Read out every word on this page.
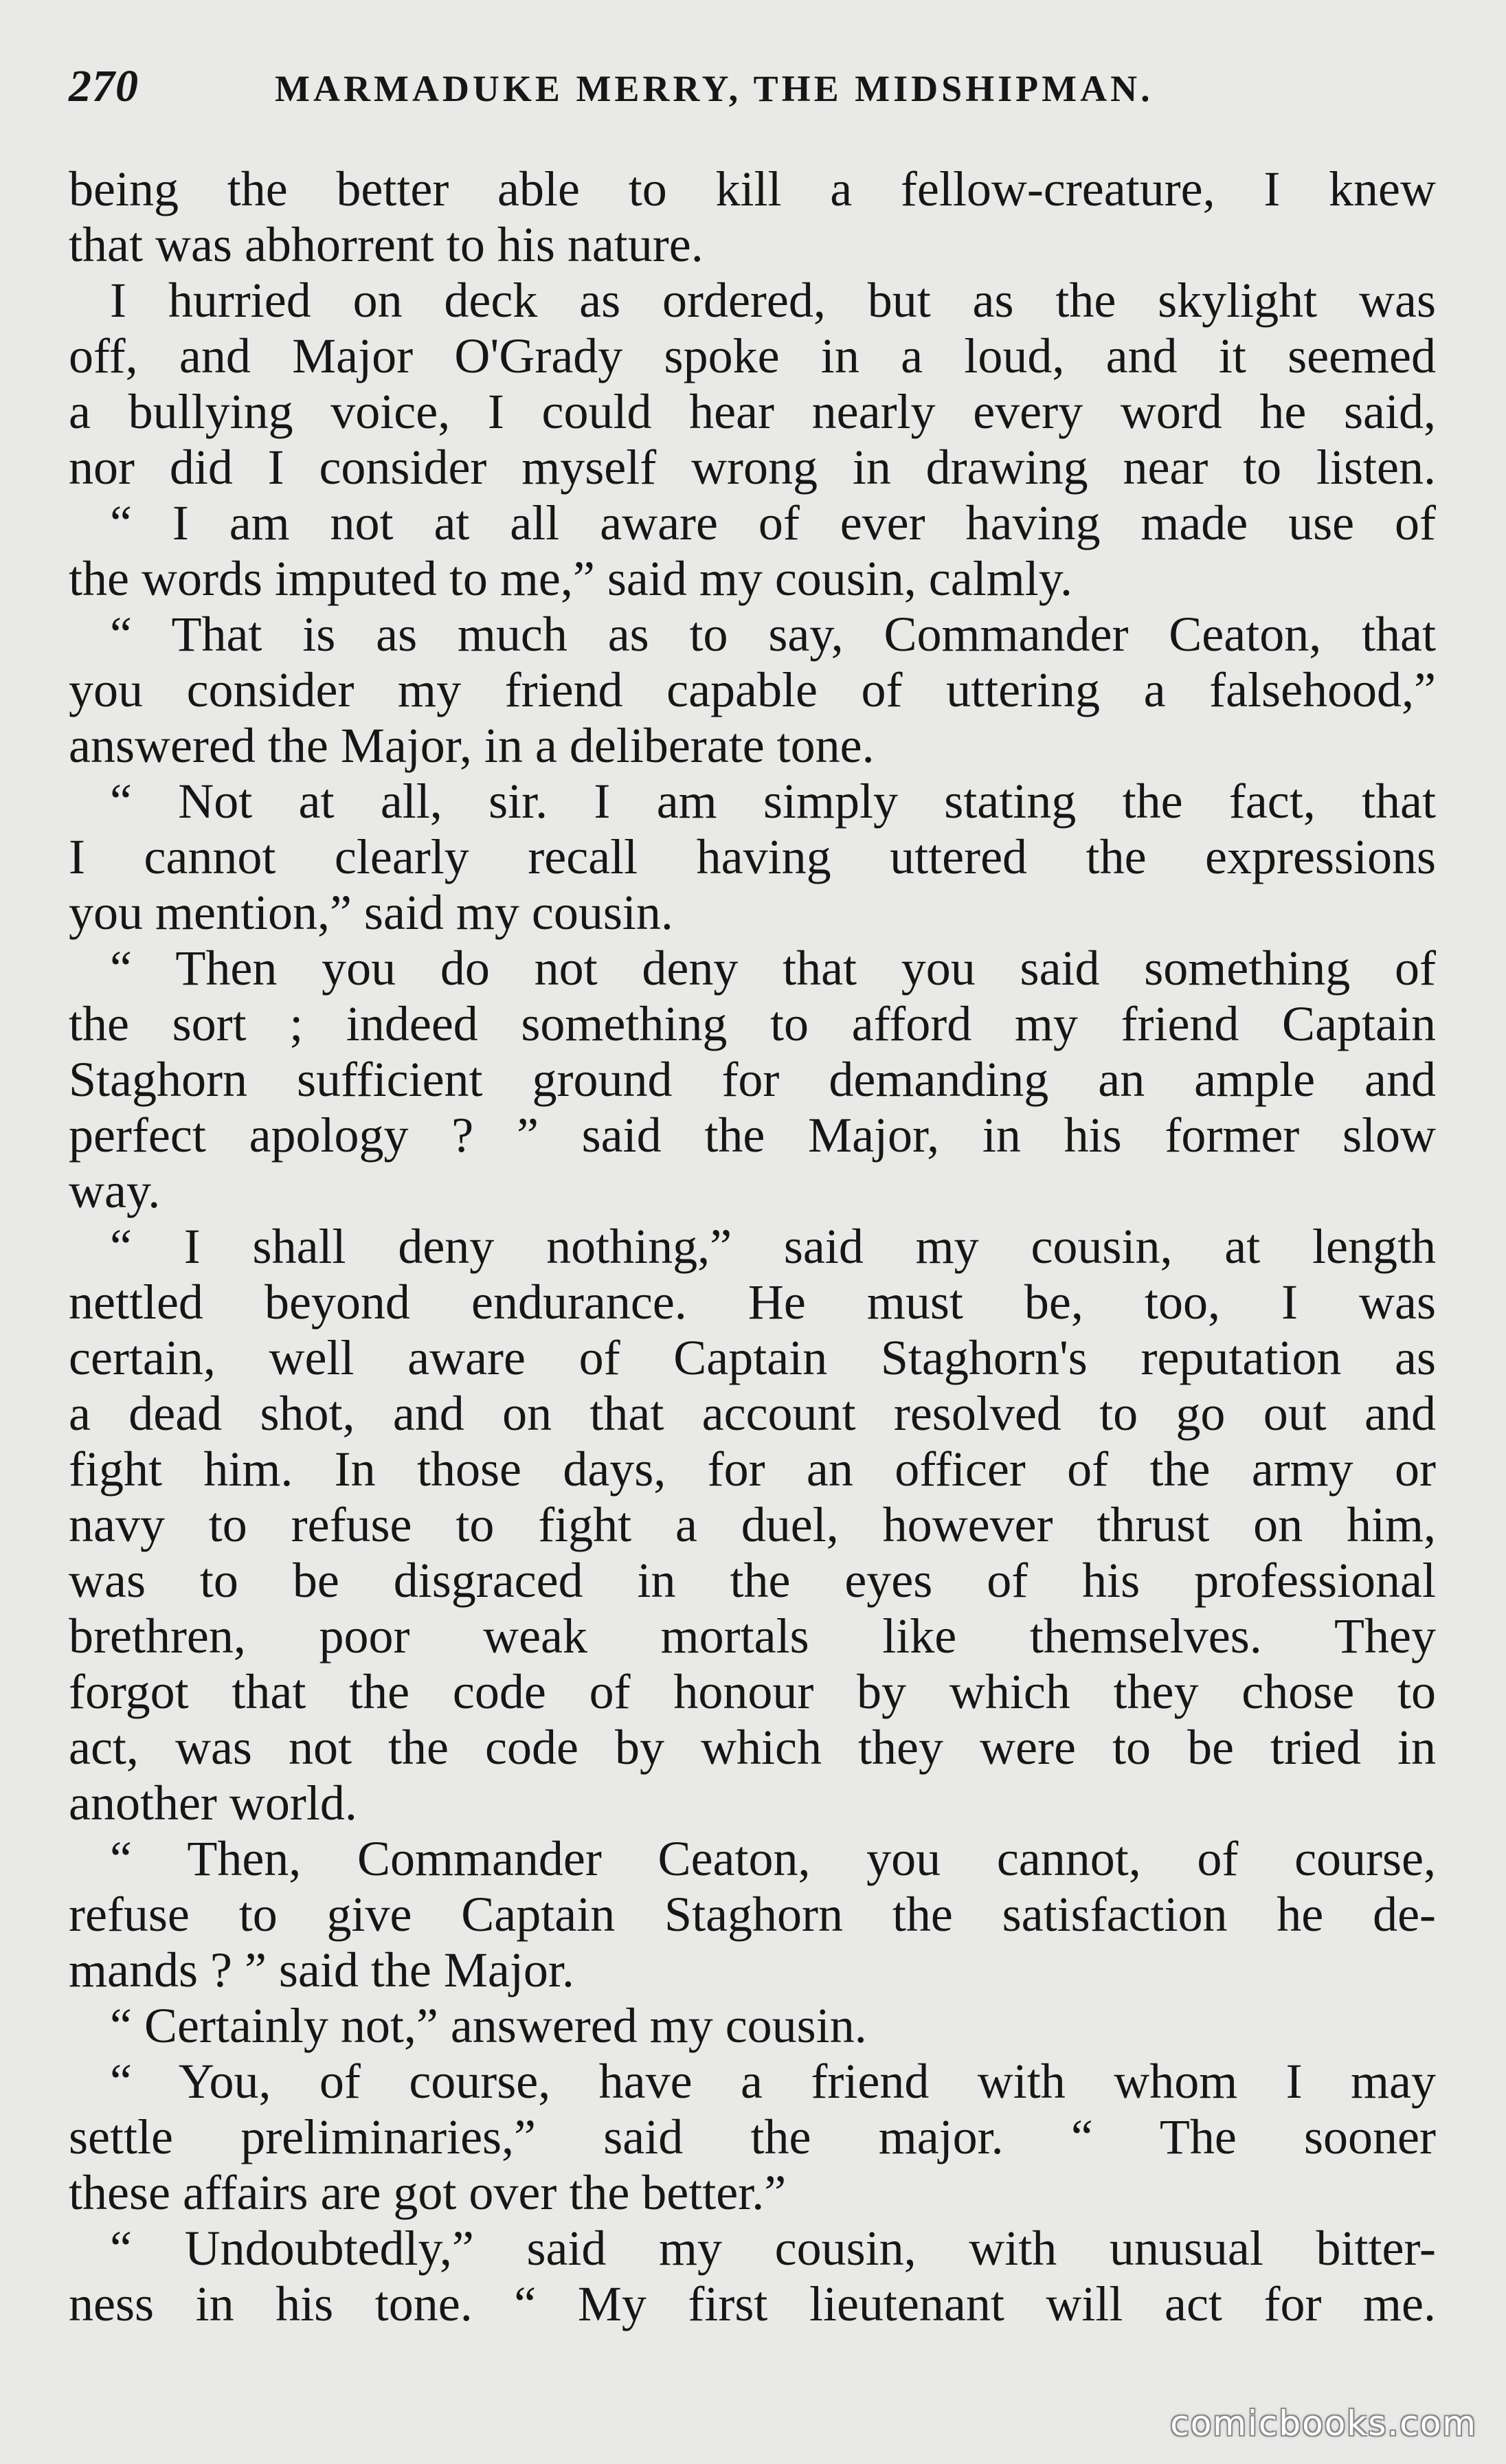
270	MARMADUKE MERRY, THE MIDSHIPMAN.
being the better able to kill a fellow-creature, I knew
that was abhorrent to his nature.
I hurried on deck as ordered, but as the skylight was
off, and Major O'Grady spoke in a loud, and it seemed
a bullying voice, I could hear nearly every word he said,
nor did I consider myself wrong in drawing near to listen.
“ I am not at all aware of ever having made use of
the words imputed to me,” said my cousin, calmly.
“ That is as much as to say, Commander Ceaton, that
you consider my friend capable of uttering a falsehood,”
answered the Major, in a deliberate tone.
“ Not at all, sir. I am simply stating the fact, that
I cannot clearly recall having uttered the expressions
you mention,” said my cousin.
“ Then you do not deny that you said something of
the sort ; indeed something to afford my friend Captain
Staghorn sufficient ground for demanding an ample and
perfect apology ? ” said the Major, in his former slow
way.
“ I shall deny nothing,” said my cousin, at length
nettled beyond endurance. He must be, too, I was
certain, well aware of Captain Staghorn's reputation as
a dead shot, and on that account resolved to go out and
fight him. In those days, for an officer of the army or
navy to refuse to fight a duel, however thrust on him,
was to be disgraced in the eyes of his professional
brethren, poor weak mortals like themselves. They
forgot that the code of honour by which they chose to
act, was not the code by which they were to be tried in
another world.
“ Then, Commander Ceaton, you cannot, of course,
refuse to give Captain Staghorn the satisfaction he de-
mands ? ” said the Major.
“ Certainly not,” answered my cousin.
“ You, of course, have a friend with whom I may
settle preliminaries,” said the major. “ The sooner
these affairs are got over the better.”
“ Undoubtedly,” said my cousin, with unusual bitter-
ness in his tone. “ My first lieutenant will act for me.
comicbooks.com
